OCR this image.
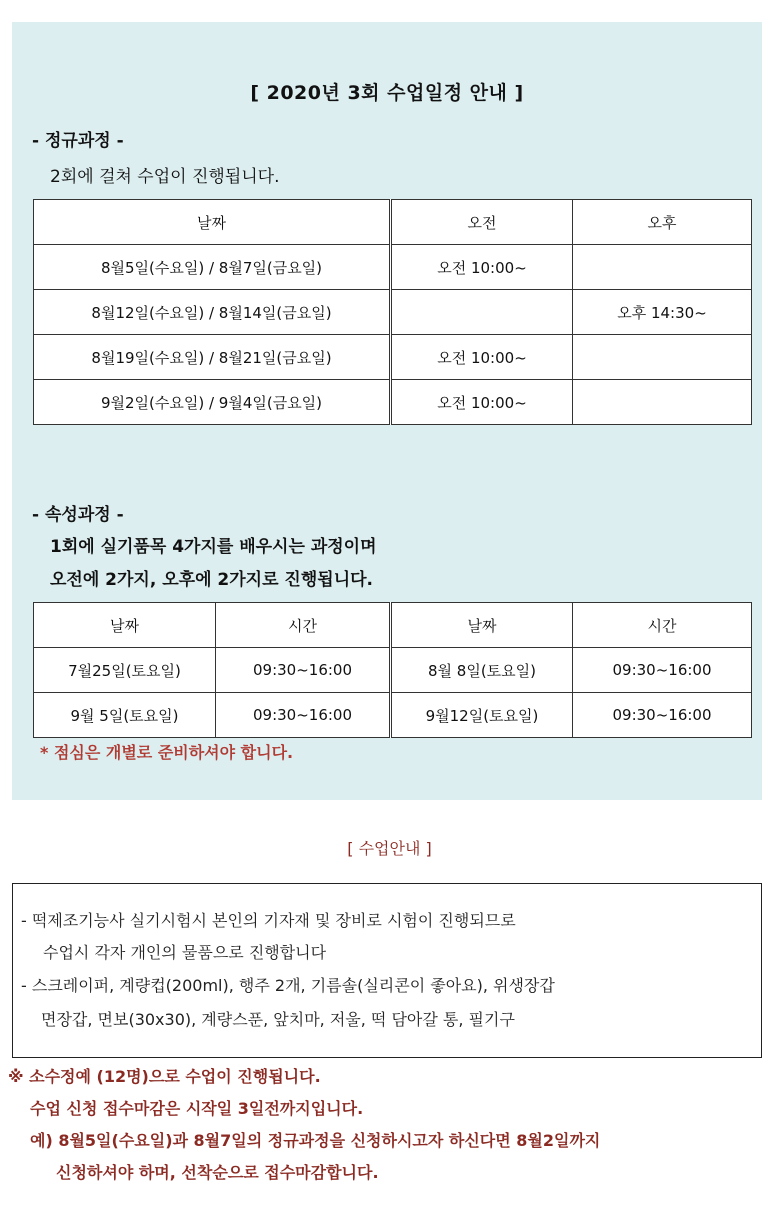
[ 2020년 3회 수업일정 안내 ]
- 정규과정 -
2회에 걸쳐 수업이 진행됩니다.
날짜	오전	오후
8월5일(수요일) / 8월7일(금요일)	오전 10:00~	
8월12일(수요일) / 8월14일(금요일)		오후 14:30~
8월19일(수요일) / 8월21일(금요일)	오전 10:00~	
9월2일(수요일) / 9월4일(금요일)	오전 10:00~	
- 속성과정 -
1회에 실기품목 4가지를 배우시는 과정이며
오전에 2가지, 오후에 2가지로 진행됩니다.
날짜	시간	날짜	시간
7월25일(토요일)	09:30~16:00	8월 8일(토요일)	09:30~16:00
9월 5일(토요일)	09:30~16:00	9월12일(토요일)	09:30~16:00
* 점심은 개별로 준비하셔야 합니다.
[ 수업안내 ]
- 떡제조기능사 실기시험시 본인의 기자재 및 장비로 시험이 진행되므로
수업시 각자 개인의 물품으로 진행합니다
- 스크레이퍼, 계량컵(200ml), 행주 2개, 기름솔(실리콘이 좋아요), 위생장갑
면장갑, 면보(30x30), 계량스푼, 앞치마, 저울, 떡 담아갈 통, 필기구
※ 소수정예 (12명)으로 수업이 진행됩니다.
수업 신청 접수마감은 시작일 3일전까지입니다.
예) 8월5일(수요일)과 8월7일의 정규과정을 신청하시고자 하신다면 8월2일까지
신청하셔야 하며, 선착순으로 접수마감합니다.
